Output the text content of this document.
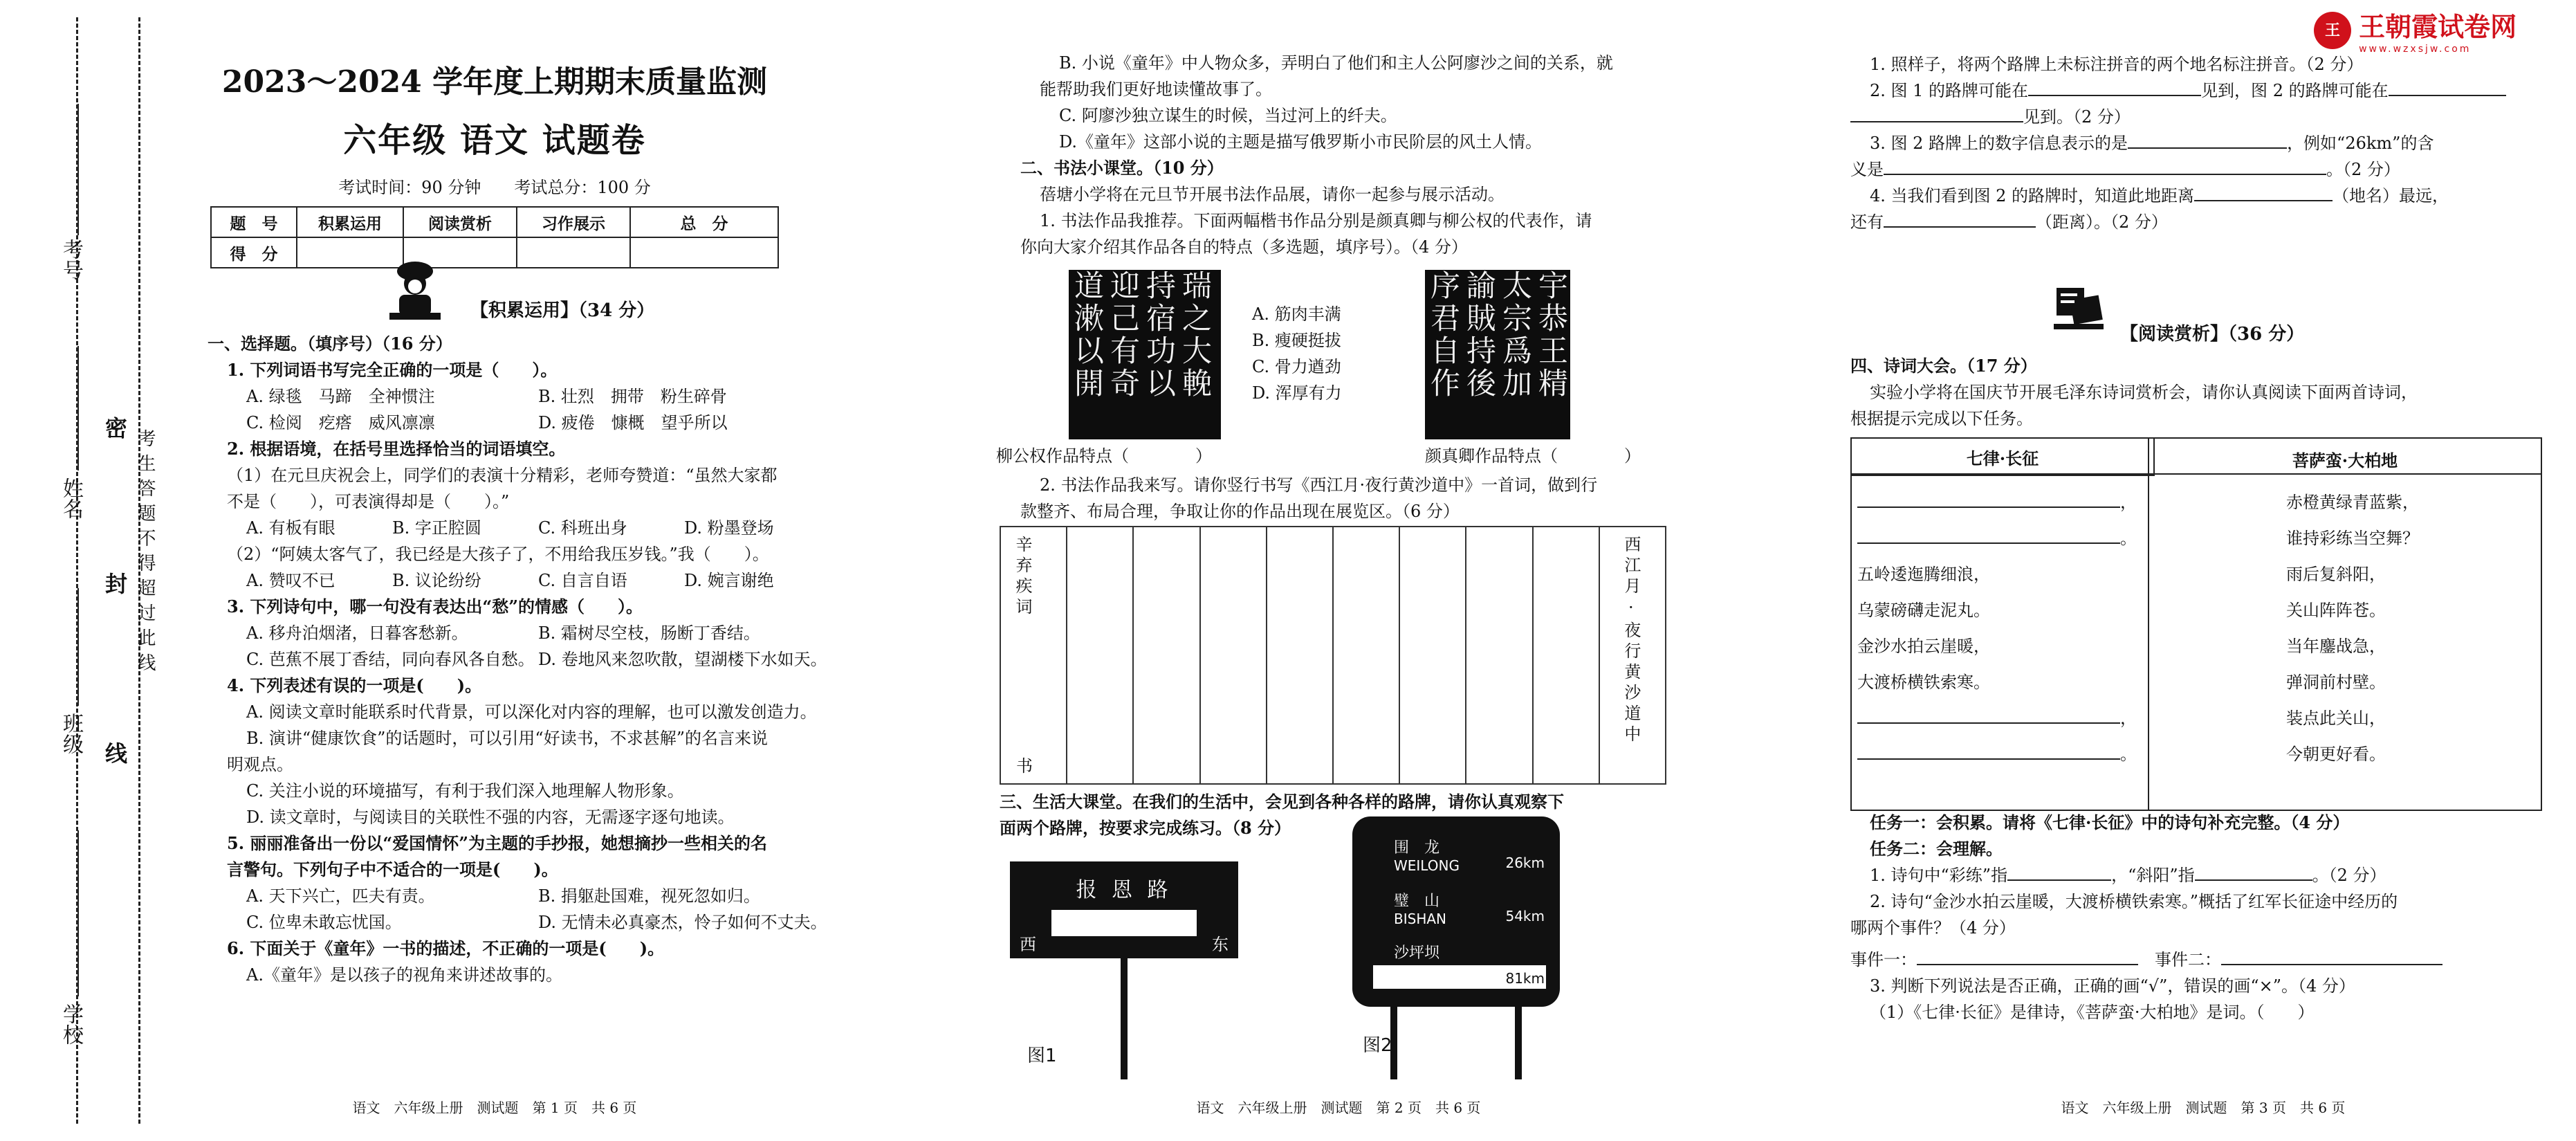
考号
姓名
班级
学校
密
封
线
考生答题不得超过此线
2023～2024 学年度上期期末质量监测
六年级 语文 试题卷
考试时间：90 分钟　　考试总分：100 分
题　号	积累运用	阅读赏析	习作展示	总　分
得　分				
【积累运用】（34 分）
一、选择题。（填序号）（16 分）
1. 下列词语书写完全正确的一项是（　　）。
A. 绿毯　马蹄　全神惯注	B. 壮烈　拥带　粉生碎骨
C. 检阅　疙瘩　威风凛凛	D. 疲倦　慷概　望乎所以
2. 根据语境，在括号里选择恰当的词语填空。
（1）在元旦庆祝会上，同学们的表演十分精彩，老师夸赞道：“虽然大家都
不是（　　），可表演得却是（　　）。”
A. 有板有眼	B. 字正腔圆	C. 科班出身	D. 粉墨登场
（2）“阿姨太客气了，我已经是大孩子了，不用给我压岁钱。”我（　　）。
A. 赞叹不已	B. 议论纷纷	C. 自言自语	D. 婉言谢绝
3. 下列诗句中，哪一句没有表达出“愁”的情感（　　）。
A. 移舟泊烟渚，日暮客愁新。	B. 霜树尽空枝，肠断丁香结。
C. 芭蕉不展丁香结，同向春风各自愁。 D. 卷地风来忽吹散，望湖楼下水如天。
4. 下列表述有误的一项是(　　)。
A. 阅读文章时能联系时代背景，可以深化对内容的理解，也可以激发创造力。
B. 演讲“健康饮食”的话题时，可以引用“好读书，不求甚解”的名言来说
明观点。
C. 关注小说的环境描写，有利于我们深入地理解人物形象。
D. 读文章时，与阅读目的关联性不强的内容，无需逐字逐句地读。
5. 丽丽准备出一份以“爱国情怀”为主题的手抄报，她想摘抄一些相关的名
言警句。下列句子中不适合的一项是(　　)。
A. 天下兴亡，匹夫有责。	B. 捐躯赴国难，视死忽如归。
C. 位卑未敢忘忧国。	D. 无情未必真豪杰，怜子如何不丈夫。
6. 下面关于《童年》一书的描述，不正确的一项是(　　)。
A.《童年》是以孩子的视角来讲述故事的。
语文　六年级上册　测试题　第 1 页　共 6 页
B. 小说《童年》中人物众多，弄明白了他们和主人公阿廖沙之间的关系，就
能帮助我们更好地读懂故事了。
C. 阿廖沙独立谋生的时候，当过河上的纤夫。
D.《童年》这部小说的主题是描写俄罗斯小市民阶层的风土人情。
二、书法小课堂。（10 分）
蓓塘小学将在元旦节开展书法作品展，请你一起参与展示活动。
1. 书法作品我推荐。下面两幅楷书作品分别是颜真卿与柳公权的代表作，请
你向大家介绍其作品各自的特点（多选题，填序号）。（4 分）
道漱以開 迎己有奇 持宿功以 瑞之大輓 A. 筋肉丰满
B. 瘦硬挺拔
C. 骨力遒劲
D. 浑厚有力	序君自作 諭賊持後 太宗爲加 宇恭王精
柳公权作品特点（　　　　）	颜真卿作品特点（　　　　）
2. 书法作品我来写。请你竖行书写《西江月·夜行黄沙道中》一首词，做到行
款整齐、布局合理，争取让你的作品出现在展览区。（6 分）
辛弃疾词
书
西江月·夜行黄沙道中
三、生活大课堂。在我们的生活中，会见到各种各样的路牌，请你认真观察下
面两个路牌，按要求完成练习。（8 分）
报 恩 路
西	东
图1
围　龙
WEILONG	26km
璧　山
BISHAN	54km
沙坪坝
81km
图2
语文　六年级上册　测试题　第 2 页　共 6 页
王 王朝霞试卷网
www.wzxsjw.com
1. 照样子，将两个路牌上未标注拼音的两个地名标注拼音。（2 分）
2. 图 1 的路牌可能在	见到，图 2 的路牌可能在
见到。（2 分）
3. 图 2 路牌上的数字信息表示的是	，例如“26km”的含
义是	。（2 分）
4. 当我们看到图 2 的路牌时，知道此地距离	（地名）最远，
还有	（距离）。（2 分）
【阅读赏析】（36 分）
四、诗词大会。（17 分）
实验小学将在国庆节开展毛泽东诗词赏析会，请你认真阅读下面两首诗词，
根据提示完成以下任务。
七律·长征	菩萨蛮·大柏地
，
。
五岭逶迤腾细浪，
乌蒙磅礴走泥丸。
金沙水拍云崖暖，
大渡桥横铁索寒。
，
。
赤橙黄绿青蓝紫，
谁持彩练当空舞？
雨后复斜阳，
关山阵阵苍。
当年鏖战急，
弹洞前村壁。
装点此关山，
今朝更好看。
任务一：会积累。请将《七律·长征》中的诗句补充完整。（4 分）
任务二：会理解。
1. 诗句中“彩练”指	，“斜阳”指	。（2 分）
2. 诗句“金沙水拍云崖暖，大渡桥横铁索寒。”概括了红军长征途中经历的
哪两个事件？（4 分）
事件一：　	事件二：
3. 判断下列说法是否正确，正确的画“√”，错误的画“×”。（4 分）
（1）《七律·长征》是律诗，《菩萨蛮·大柏地》是词。（　　）
语文　六年级上册　测试题　第 3 页　共 6 页
